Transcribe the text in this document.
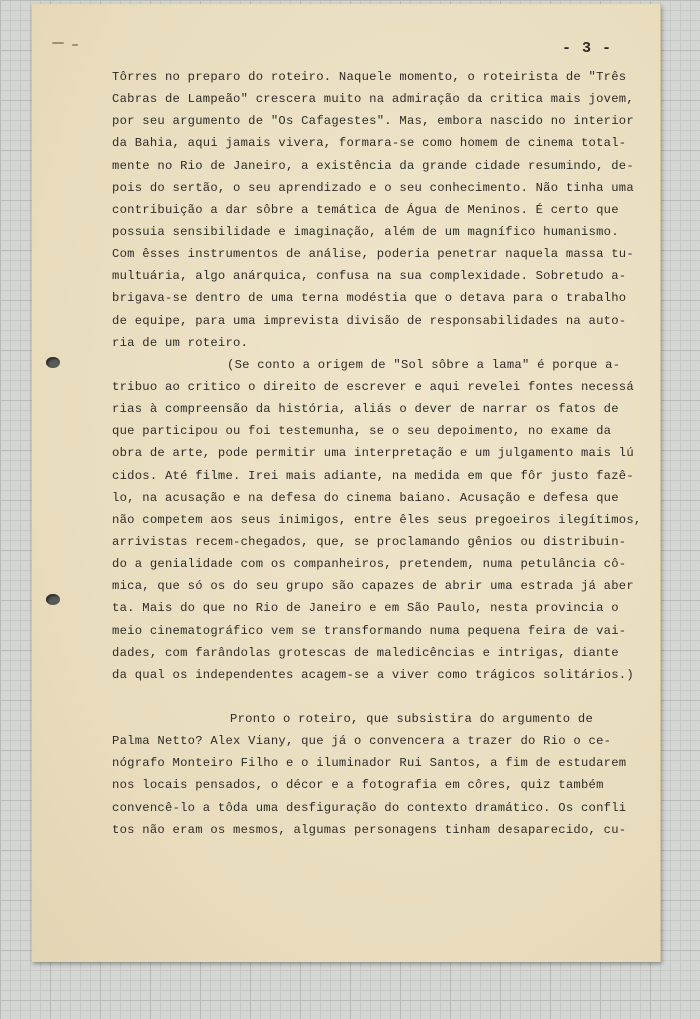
- 3 -
Tôrres no preparo do roteiro. Naquele momento, o roteirista de "Três
Cabras de Lampeão" crescera muito na admiração da critica mais jovem,
por seu argumento de "Os Cafagestes". Mas, embora nascido no interior
da Bahia, aqui jamais vivera, formara-se como homem de cinema total-
mente no Rio de Janeiro, a existência da grande cidade resumindo, de-
pois do sertão, o seu aprendizado e o seu conhecimento. Não tinha uma
contribuição a dar sôbre a temática de Água de Meninos. É certo que
possuia sensibilidade e imaginação, além de um magnífico humanismo.
Com êsses instrumentos de análise, poderia penetrar naquela massa tu-
multuária, algo anárquica, confusa na sua complexidade. Sobretudo a-
brigava-se dentro de uma terna modéstia que o detava para o trabalho
de equipe, para uma imprevista divisão de responsabilidades na auto-
ria de um roteiro.
(Se conto a origem de "Sol sôbre a lama" é porque a-
tribuo ao critico o direito de escrever e aqui revelei fontes necessá
rias à compreensão da história, aliás o dever de narrar os fatos de
que participou ou foi testemunha, se o seu depoimento, no exame da
obra de arte, pode permitir uma interpretação e um julgamento mais lú
cidos. Até filme. Irei mais adiante, na medida em que fôr justo fazê-
lo, na acusação e na defesa do cinema baiano. Acusação e defesa que
não competem aos seus inimigos, entre êles seus pregoeiros ilegítimos,
arrivistas recem-chegados, que, se proclamando gênios ou distribuin-
do a genialidade com os companheiros, pretendem, numa petulância cô-
mica, que só os do seu grupo são capazes de abrir uma estrada já aber
ta. Mais do que no Rio de Janeiro e em São Paulo, nesta provincia o
meio cinematográfico vem se transformando numa pequena feira de vai-
dades, com farândolas grotescas de maledicências e intrigas, diante
da qual os independentes acagem-se a viver como trágicos solitários.)
Pronto o roteiro, que subsistira do argumento de
Palma Netto? Alex Viany, que já o convencera a trazer do Rio o ce-
nógrafo Monteiro Filho e o iluminador Rui Santos, a fim de estudarem
nos locais pensados, o décor e a fotografia em côres, quiz também
convencê-lo a tôda uma desfiguração do contexto dramático. Os confli
tos não eram os mesmos, algumas personagens tinham desaparecido, cu-
